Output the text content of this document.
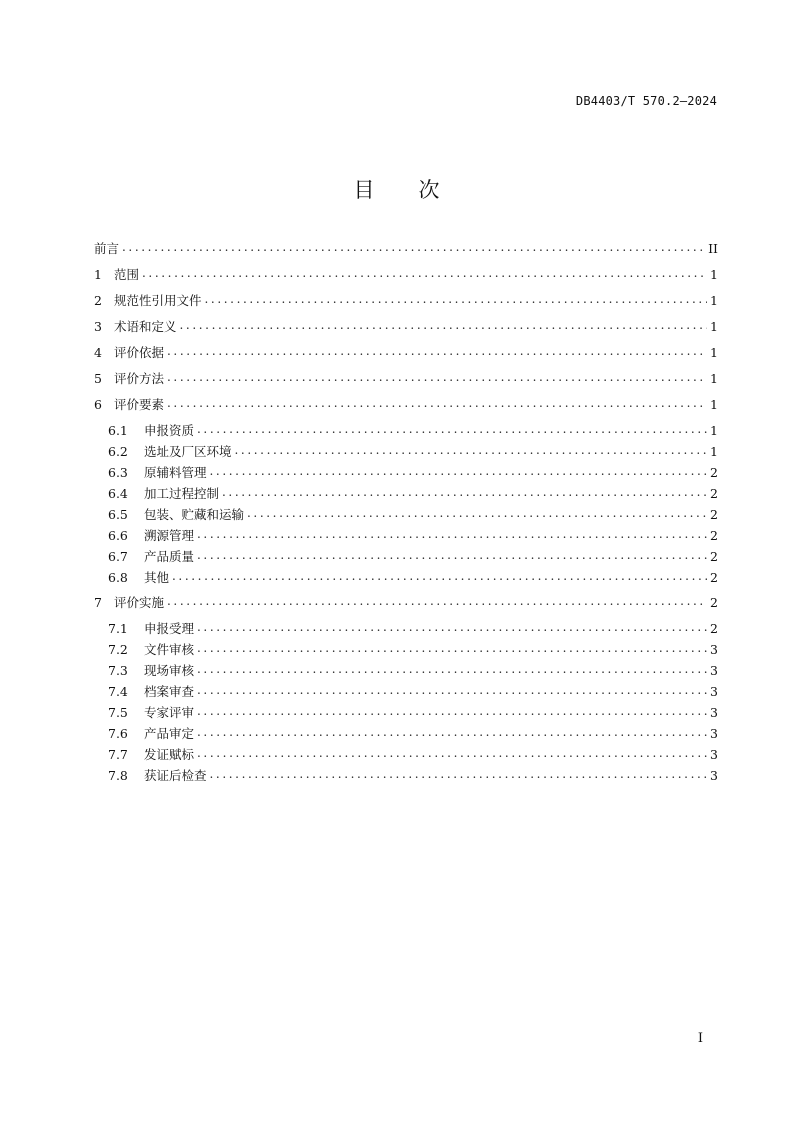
DB4403/T 570.2—2024
目次
前言 .....	II
1 范围 .....	1
2 规范性引用文件 .....	1
3 术语和定义 .....	1
4 评价依据 .....	1
5 评价方法 .....	1
6 评价要素 .....	1
6.1	申报资质 .....	1
6.2	选址及厂区环境 .....	1
6.3	原辅料管理 .....	2
6.4	加工过程控制 .....	2
6.5	包装、贮藏和运输 .....	2
6.6	溯源管理 .....	2
6.7	产品质量 .....	2
6.8	其他 .....	2
7 评价实施 .....	2
7.1	申报受理 .....	2
7.2	文件审核 .....	3
7.3	现场审核 .....	3
7.4	档案审查 .....	3
7.5	专家评审 .....	3
7.6	产品审定 .....	3
7.7	发证赋标 .....	3
7.8	获证后检查 .....	3
I
